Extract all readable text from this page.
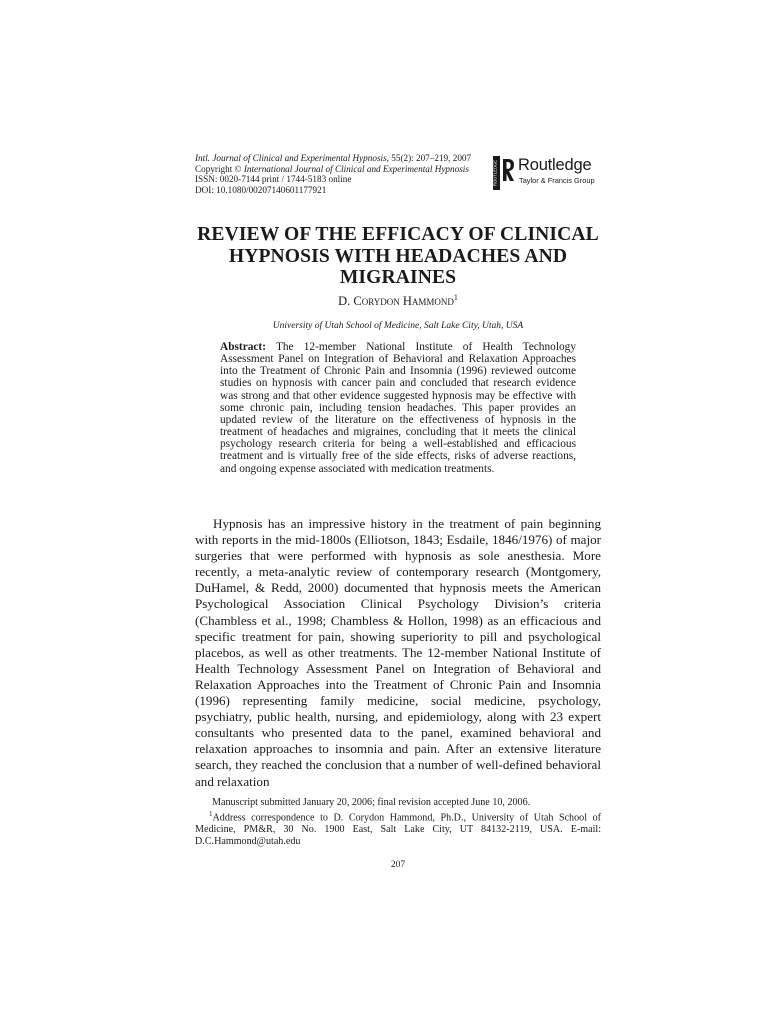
Intl. Journal of Clinical and Experimental Hypnosis, 55(2): 207–219, 2007
Copyright © International Journal of Clinical and Experimental Hypnosis
ISSN: 0020-7144 print / 1744-5183 online
DOI: 10.1080/00207140601177921
ROUTLEDGE Routledge
Taylor & Francis Group
REVIEW OF THE EFFICACY OF CLINICAL HYPNOSIS WITH HEADACHES AND MIGRAINES
D. Corydon Hammond$^1$
University of Utah School of Medicine, Salt Lake City, Utah, USA
Abstract: The 12-member National Institute of Health Technology Assessment Panel on Integration of Behavioral and Relaxation Approaches into the Treatment of Chronic Pain and Insomnia (1996) reviewed outcome studies on hypnosis with cancer pain and concluded that research evidence was strong and that other evidence suggested hypnosis may be effective with some chronic pain, including tension headaches. This paper provides an updated review of the literature on the effectiveness of hypnosis in the treatment of headaches and migraines, concluding that it meets the clinical psychology research criteria for being a well-established and efficacious treatment and is virtually free of the side effects, risks of adverse reactions, and ongoing expense associated with medication treatments.

Hypnosis has an impressive history in the treatment of pain beginning with reports in the mid-1800s (Elliotson, 1843; Esdaile, 1846/1976) of major surgeries that were performed with hypnosis as sole anesthesia. More recently, a meta-analytic review of contemporary research (Montgomery, DuHamel, & Redd, 2000) documented that hypnosis meets the American Psychological Association Clinical Psychology Division’s criteria (Chambless et al., 1998; Chambless & Hollon, 1998) as an efficacious and specific treatment for pain, showing superiority to pill and psychological placebos, as well as other treatments. The 12-member National Institute of Health Technology Assessment Panel on Integration of Behavioral and Relaxation Approaches into the Treatment of Chronic Pain and Insomnia (1996) representing family medicine, social medicine, psychology, psychiatry, public health, nursing, and epidemiology, along with 23 expert consultants who presented data to the panel, examined behavioral and relaxation approaches to insomnia and pain. After an extensive literature search, they reached the conclusion that a number of well-defined behavioral and relaxation

Manuscript submitted January 20, 2006; final revision accepted June 10, 2006.

$^1$Address correspondence to D. Corydon Hammond, Ph.D., University of Utah School of Medicine, PM&R, 30 No. 1900 East, Salt Lake City, UT 84132-2119, USA. E-mail: D.C.Hammond@utah.edu

207
